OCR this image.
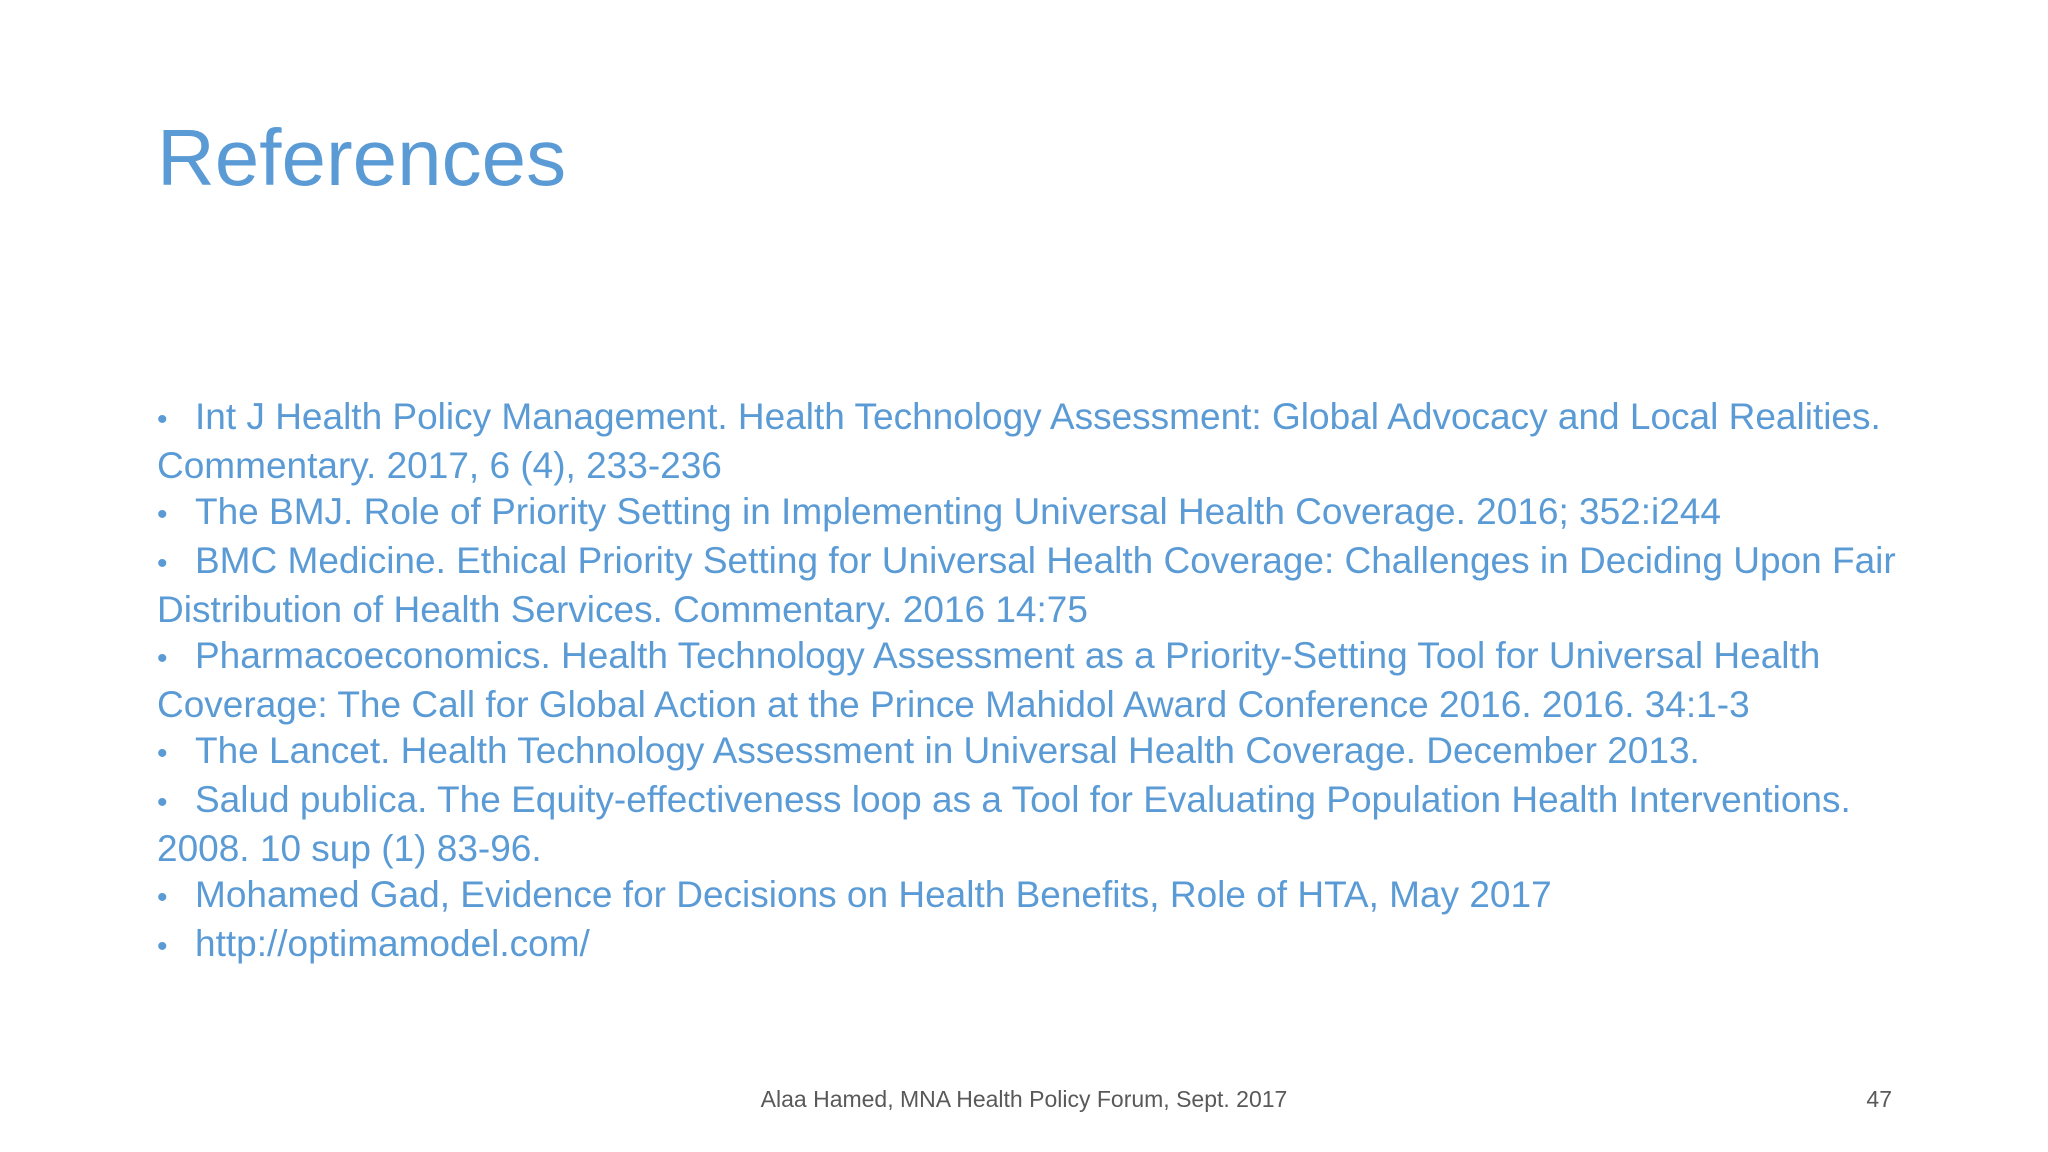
References
• Int J Health Policy Management. Health Technology Assessment: Global Advocacy and Local Realities. Commentary. 2017, 6 (4), 233-236
• The BMJ. Role of Priority Setting in Implementing Universal Health Coverage. 2016; 352:i244
• BMC Medicine. Ethical Priority Setting for Universal Health Coverage: Challenges in Deciding Upon Fair Distribution of Health Services. Commentary. 2016 14:75
• Pharmacoeconomics. Health Technology Assessment as a Priority-Setting Tool for Universal Health Coverage: The Call for Global Action at the Prince Mahidol Award Conference 2016. 2016. 34:1-3
• The Lancet. Health Technology Assessment in Universal Health Coverage. December 2013.
• Salud publica. The Equity-effectiveness loop as a Tool for Evaluating Population Health Interventions. 2008. 10 sup (1) 83-96.
• Mohamed Gad, Evidence for Decisions on Health Benefits, Role of HTA, May 2017
• http://optimamodel.com/
Alaa Hamed, MNA Health Policy Forum, Sept. 2017	47
